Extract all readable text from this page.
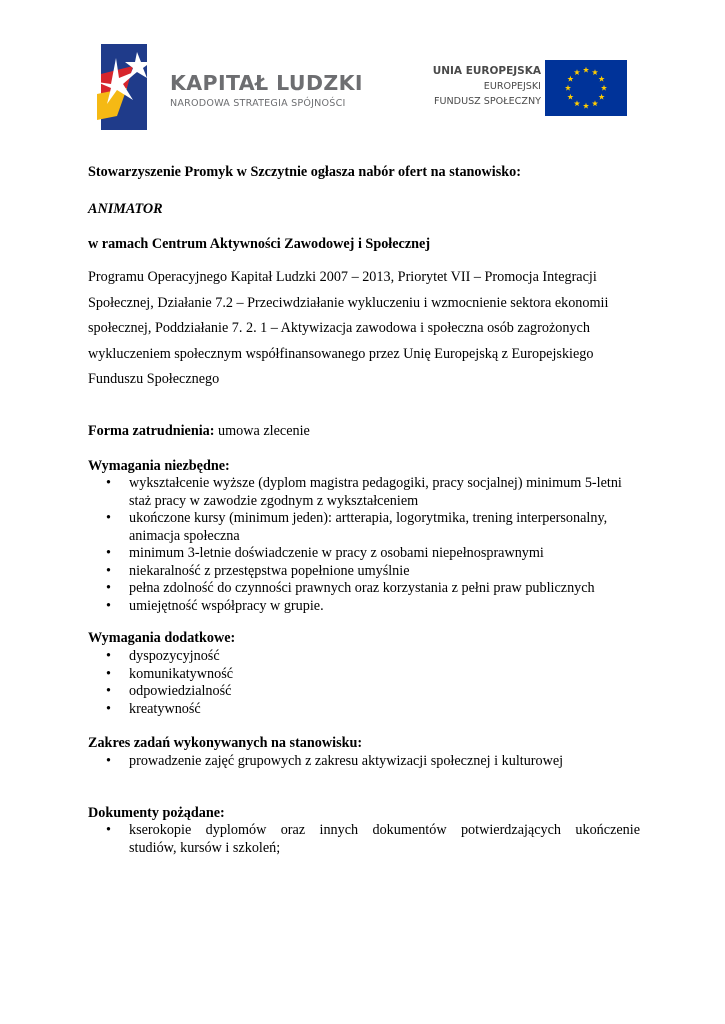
KAPITAŁ LUDZKI
NARODOWA STRATEGIA SPÓJNOŚCI
UNIA EUROPEJSKA
EUROPEJSKI
FUNDUSZ SPOŁECZNY
Stowarzyszenie Promyk w Szczytnie ogłasza nabór ofert na stanowisko:
ANIMATOR
w ramach Centrum Aktywności Zawodowej i Społecznej
Programu Operacyjnego Kapitał Ludzki 2007 – 2013, Priorytet VII – Promocja Integracji
Społecznej, Działanie 7.2 – Przeciwdziałanie wykluczeniu i wzmocnienie sektora ekonomii
społecznej, Poddziałanie 7. 2. 1 – Aktywizacja zawodowa i społeczna osób zagrożonych
wykluczeniem społecznym współfinansowanego przez Unię Europejską z Europejskiego
Funduszu Społecznego
Forma zatrudnienia: umowa zlecenie
Wymagania niezbędne:
• wykształcenie wyższe (dyplom magistra pedagogiki, pracy socjalnej) minimum 5-letni
staż pracy w zawodzie zgodnym z wykształceniem
• ukończone kursy (minimum jeden): artterapia, logorytmika, trening interpersonalny,
animacja społeczna
• minimum 3-letnie doświadczenie w pracy z osobami niepełnosprawnymi
• niekaralność z przestępstwa popełnione umyślnie
• pełna zdolność do czynności prawnych oraz korzystania z pełni praw publicznych
• umiejętność współpracy w grupie.
Wymagania dodatkowe:
• dyspozycyjność
• komunikatywność
• odpowiedzialność
• kreatywność
Zakres zadań wykonywanych na stanowisku:
• prowadzenie zajęć grupowych z zakresu aktywizacji społecznej i kulturowej
Dokumenty pożądane:
• kserokopie dyplomów oraz innych dokumentów potwierdzających ukończenie
studiów, kursów i szkoleń;
